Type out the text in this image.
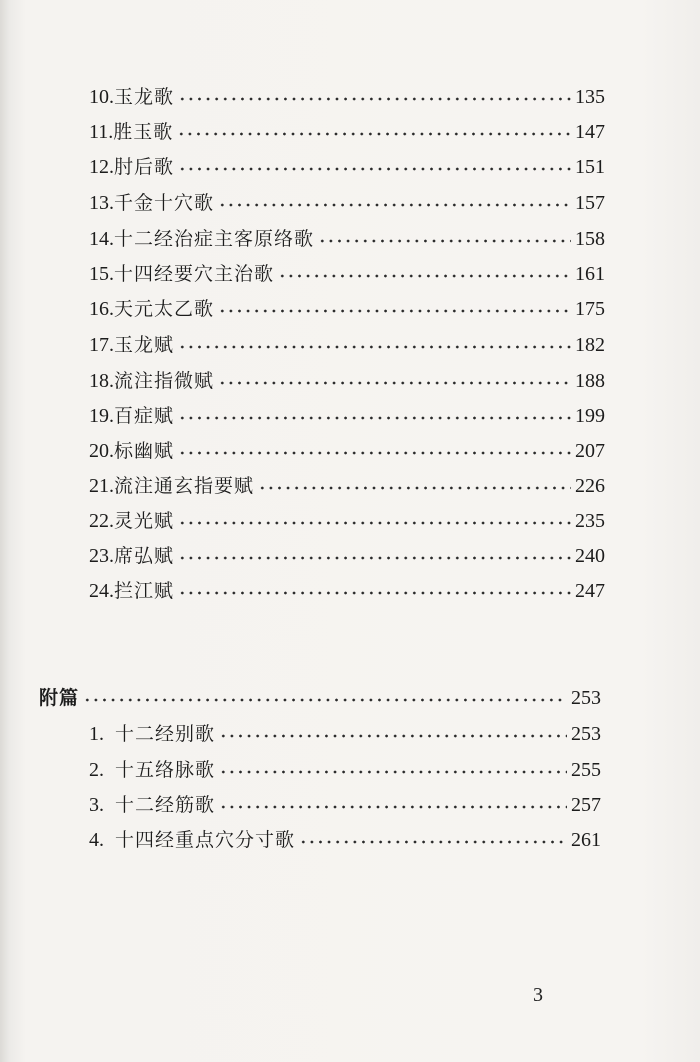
10. 玉龙歌	135
11. 胜玉歌	147
12. 肘后歌	151
13. 千金十穴歌	157
14. 十二经治症主客原络歌	158
15. 十四经要穴主治歌	161
16. 天元太乙歌	175
17. 玉龙赋	182
18. 流注指微赋	188
19. 百症赋	199
20. 标幽赋	207
21. 流注通玄指要赋	226
22. 灵光赋	235
23. 席弘赋	240
24. 拦江赋	247
附篇	253
1. 十二经别歌	253
2. 十五络脉歌	255
3. 十二经筋歌	257
4. 十四经重点穴分寸歌	261
3
